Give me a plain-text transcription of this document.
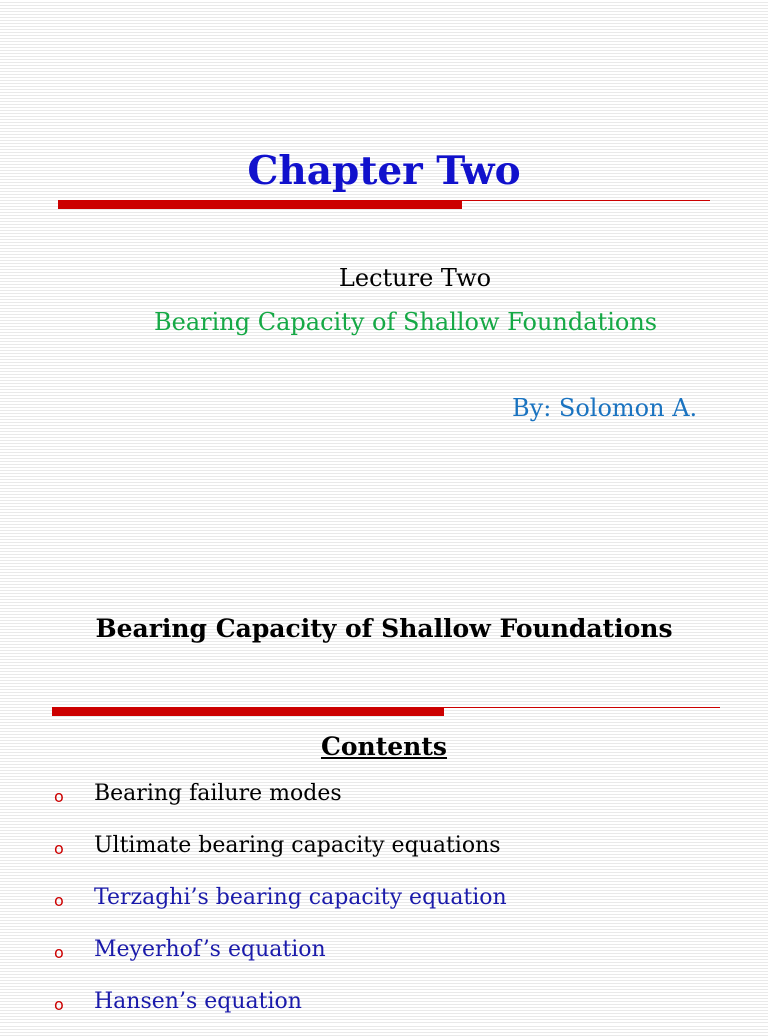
Chapter Two
Lecture Two
Bearing Capacity of Shallow Foundations
By: Solomon A.
Bearing Capacity of Shallow Foundations
Contents
o Bearing failure modes
o Ultimate bearing capacity equations
o Terzaghi’s bearing capacity equation
o Meyerhof’s equation
o Hansen’s equation
